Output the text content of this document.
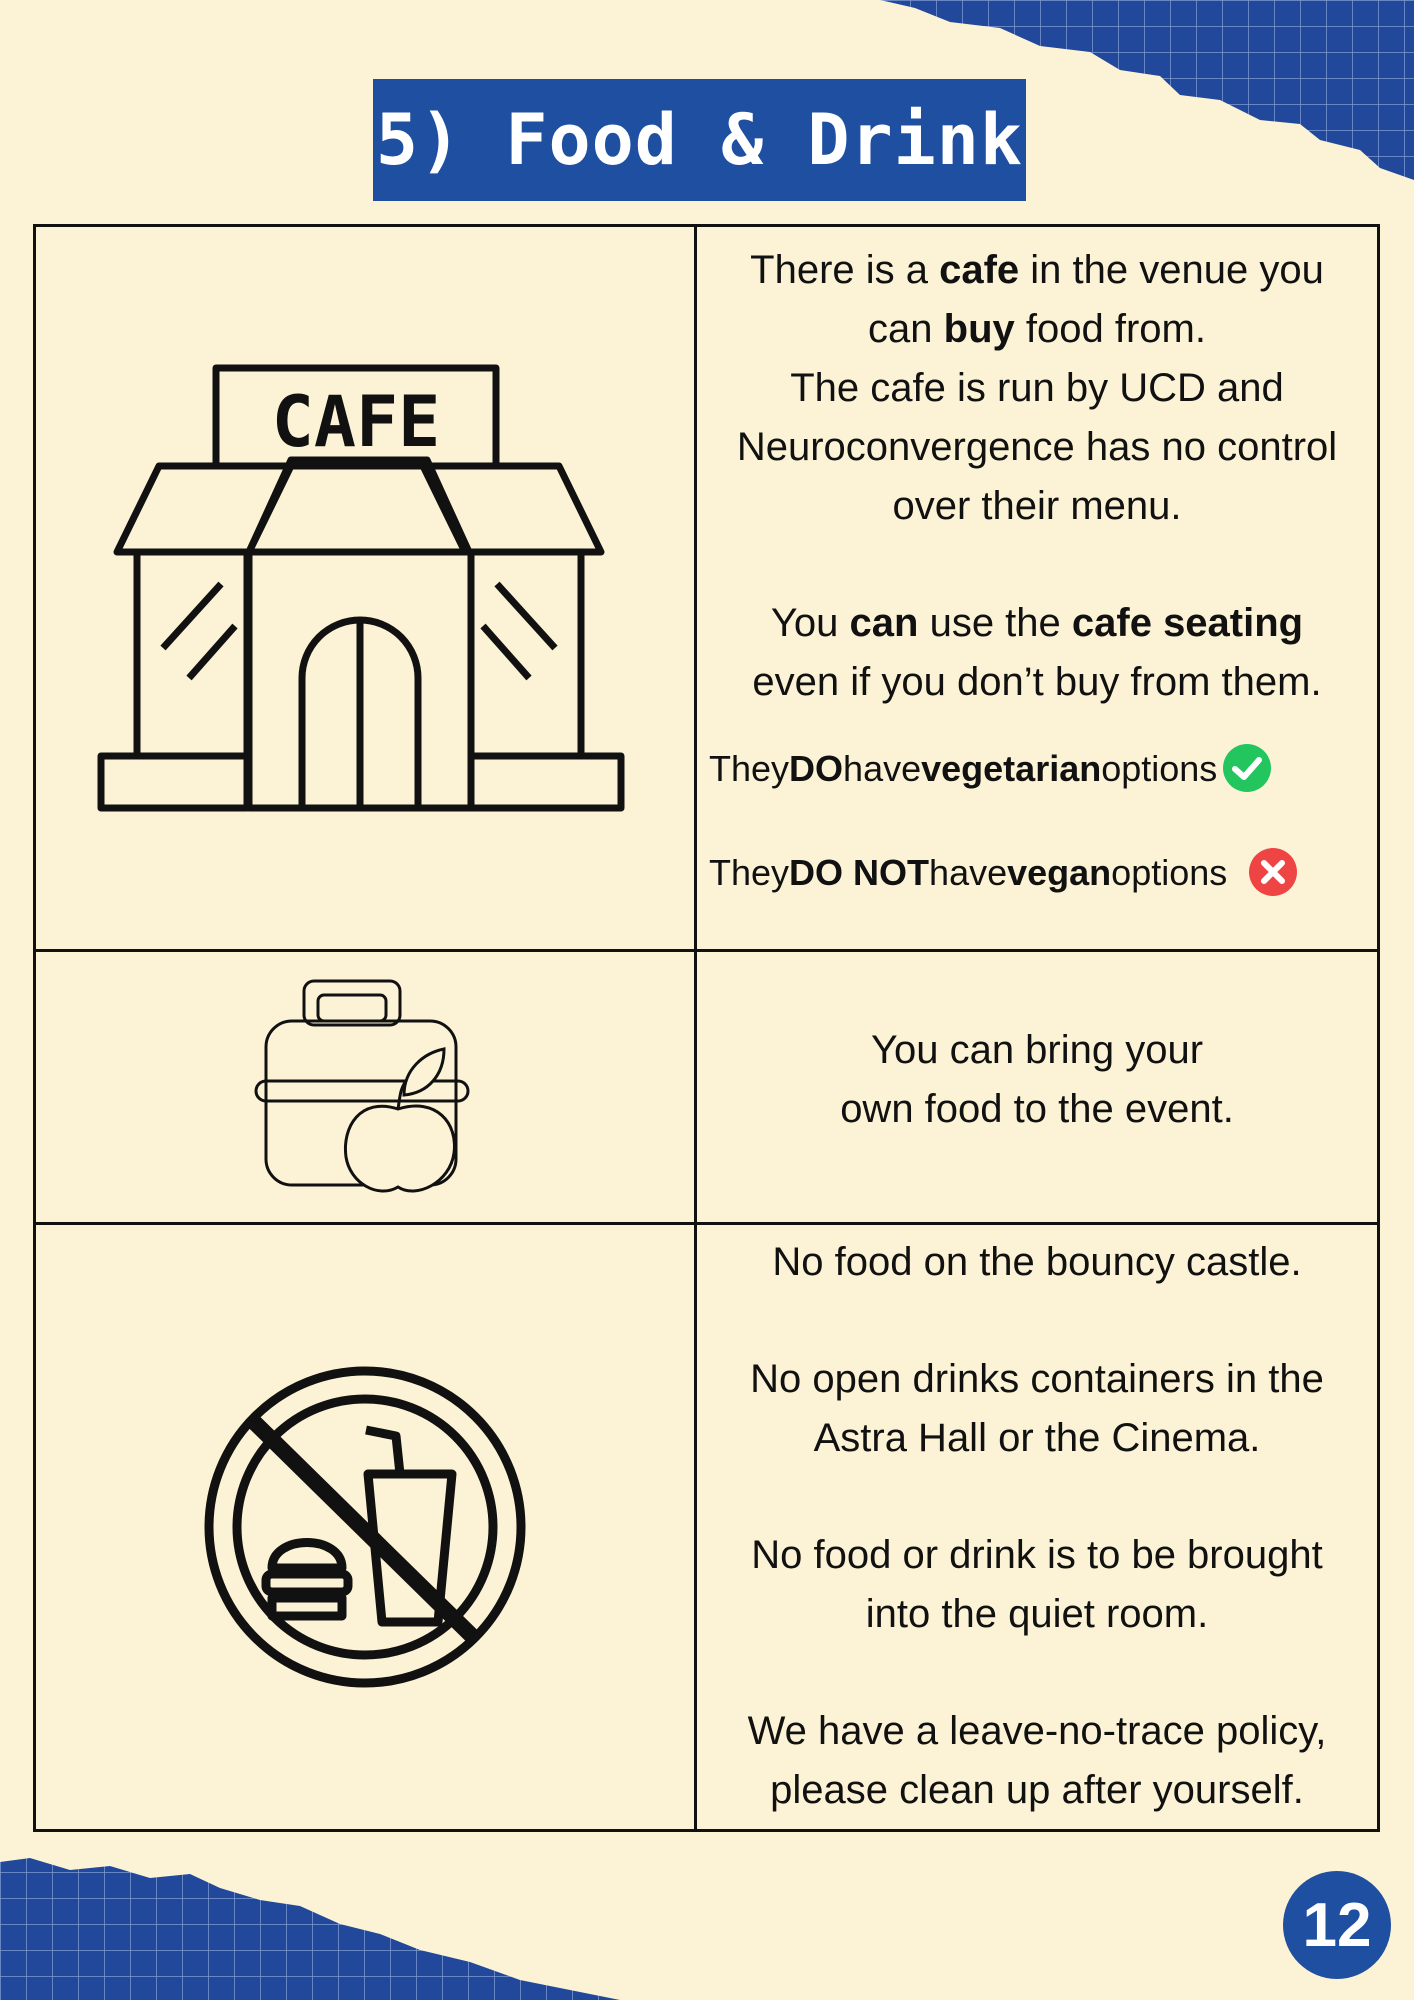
5) Food & Drink
CAFE

There is a cafe in the venue you

can buy food from.

The cafe is run by UCD and

Neuroconvergence has no control

over their menu.

You can use the cafe seating

even if you don’t buy from them.

They DO have vegetarian options
They DO NOT have vegan options

You can bring your

own food to the event.

No food on the bouncy castle.

No open drinks containers in the

Astra Hall or the Cinema.

No food or drink is to be brought

into the quiet room.

We have a leave-no-trace policy,

please clean up after yourself.

12
